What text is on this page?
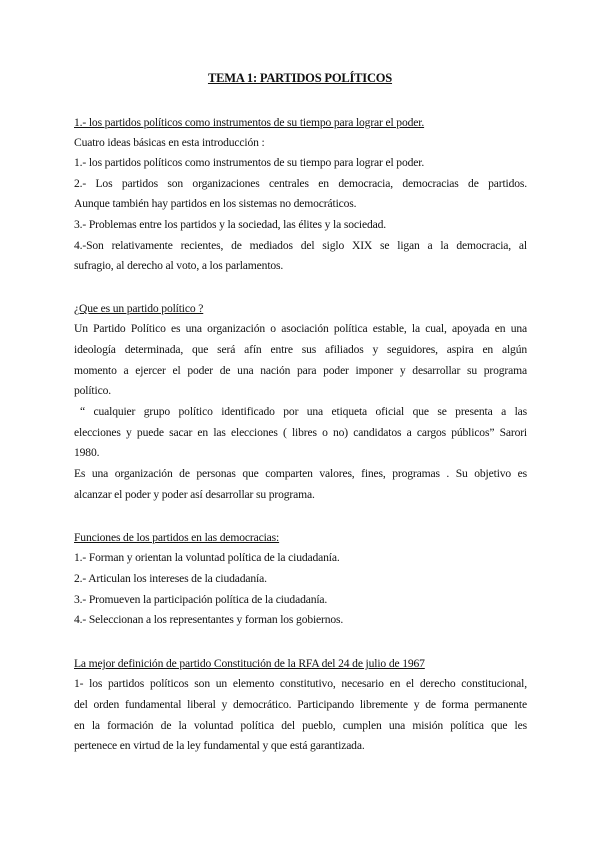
TEMA 1: PARTIDOS POLÍTICOS
1.- los partidos políticos como instrumentos de su tiempo para lograr el poder.
Cuatro ideas básicas en esta introducción :
1.- los partidos políticos como instrumentos de su tiempo para lograr el poder.
2.- Los partidos son organizaciones centrales en democracia, democracias de partidos.
Aunque también hay partidos en los sistemas no democráticos.
3.- Problemas entre los partidos y la sociedad, las élites y la sociedad.
4.-Son relativamente recientes, de mediados del siglo XIX se ligan a la democracia, al
sufragio, al derecho al voto, a los parlamentos.
¿Que es un partido político ?
Un Partido Político es una organización o asociación política estable, la cual, apoyada en una
ideología determinada, que será afín entre sus afiliados y seguidores, aspira en algún
momento a ejercer el poder de una nación para poder imponer y desarrollar su programa
político.
“ cualquier grupo político identificado por una etiqueta oficial que se presenta a las
elecciones y puede sacar en las elecciones ( libres o no) candidatos a cargos públicos” Sarori
1980.
Es una organización de personas que comparten valores, fines, programas . Su objetivo es
alcanzar el poder y poder así desarrollar su programa.
Funciones de los partidos en las democracias:
1.- Forman y orientan la voluntad política de la ciudadanía.
2.- Articulan los intereses de la ciudadanía.
3.- Promueven la participación política de la ciudadanía.
4.- Seleccionan a los representantes y forman los gobiernos.
La mejor definición de partido Constitución de la RFA del 24 de julio de 1967
1- los partidos políticos son un elemento constitutivo, necesario en el derecho constitucional,
del orden fundamental liberal y democrático. Participando libremente y de forma permanente
en la formación de la voluntad política del pueblo, cumplen una misión política que les
pertenece en virtud de la ley fundamental y que está garantizada.
